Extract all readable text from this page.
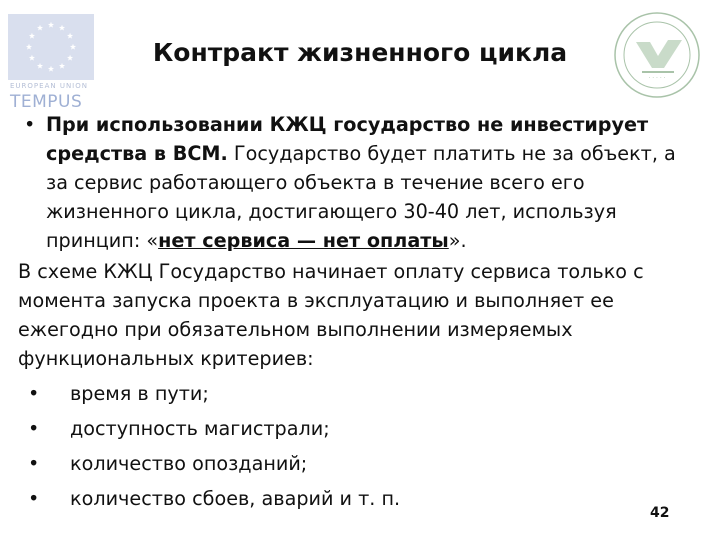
EUROPEAN UNION
TEMPUS
· · · · ·
Контракт жизненного цикла
• При использовании КЖЦ государство не инвестирует средства в ВСМ. Государство будет платить не за объект, а за сервис работающего объекта в течение всего его жизненного цикла, достигающего 30-40 лет, используя принцип: «нет сервиса — нет оплаты».
В схеме КЖЦ Государство начинает оплату сервиса только с момента запуска проекта в эксплуатацию и выполняет ее ежегодно при обязательном выполнении измеряемых функциональных критериев:
• время в пути;
• доступность магистрали;
• количество опозданий;
• количество сбоев, аварий и т. п.
42
